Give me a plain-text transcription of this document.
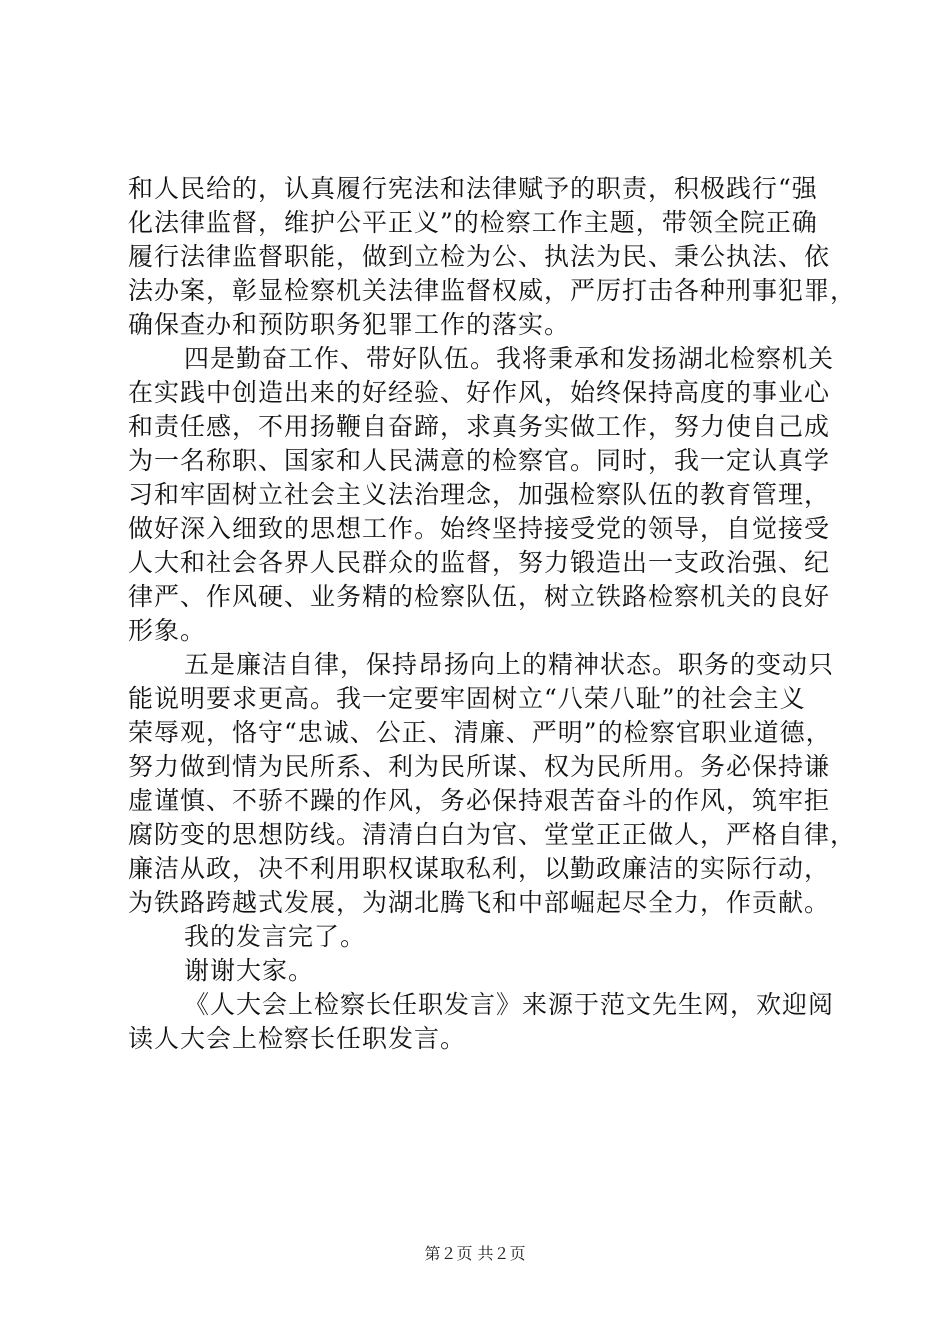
和人民给的，认真履行宪法和法律赋予的职责，积极践行“强
化法律监督，维护公平正义”的检察工作主题，带领全院正确
履行法律监督职能，做到立检为公、执法为民、秉公执法、依
法办案，彰显检察机关法律监督权威，严厉打击各种刑事犯罪，
确保查办和预防职务犯罪工作的落实。
四是勤奋工作、带好队伍。我将秉承和发扬湖北检察机关
在实践中创造出来的好经验、好作风，始终保持高度的事业心
和责任感，不用扬鞭自奋蹄，求真务实做工作，努力使自己成
为一名称职、国家和人民满意的检察官。同时，我一定认真学
习和牢固树立社会主义法治理念，加强检察队伍的教育管理，
做好深入细致的思想工作。始终坚持接受党的领导，自觉接受
人大和社会各界人民群众的监督，努力锻造出一支政治强、纪
律严、作风硬、业务精的检察队伍，树立铁路检察机关的良好
形象。
五是廉洁自律，保持昂扬向上的精神状态。职务的变动只
能说明要求更高。我一定要牢固树立“八荣八耻”的社会主义
荣辱观，恪守“忠诚、公正、清廉、严明”的检察官职业道德，
努力做到情为民所系、利为民所谋、权为民所用。务必保持谦
虚谨慎、不骄不躁的作风，务必保持艰苦奋斗的作风，筑牢拒
腐防变的思想防线。清清白白为官、堂堂正正做人，严格自律，
廉洁从政，决不利用职权谋取私利，以勤政廉洁的实际行动，
为铁路跨越式发展，为湖北腾飞和中部崛起尽全力，作贡献。
我的发言完了。
谢谢大家。
《人大会上检察长任职发言》来源于范文先生网，欢迎阅
读人大会上检察长任职发言。
第２页 共２页
